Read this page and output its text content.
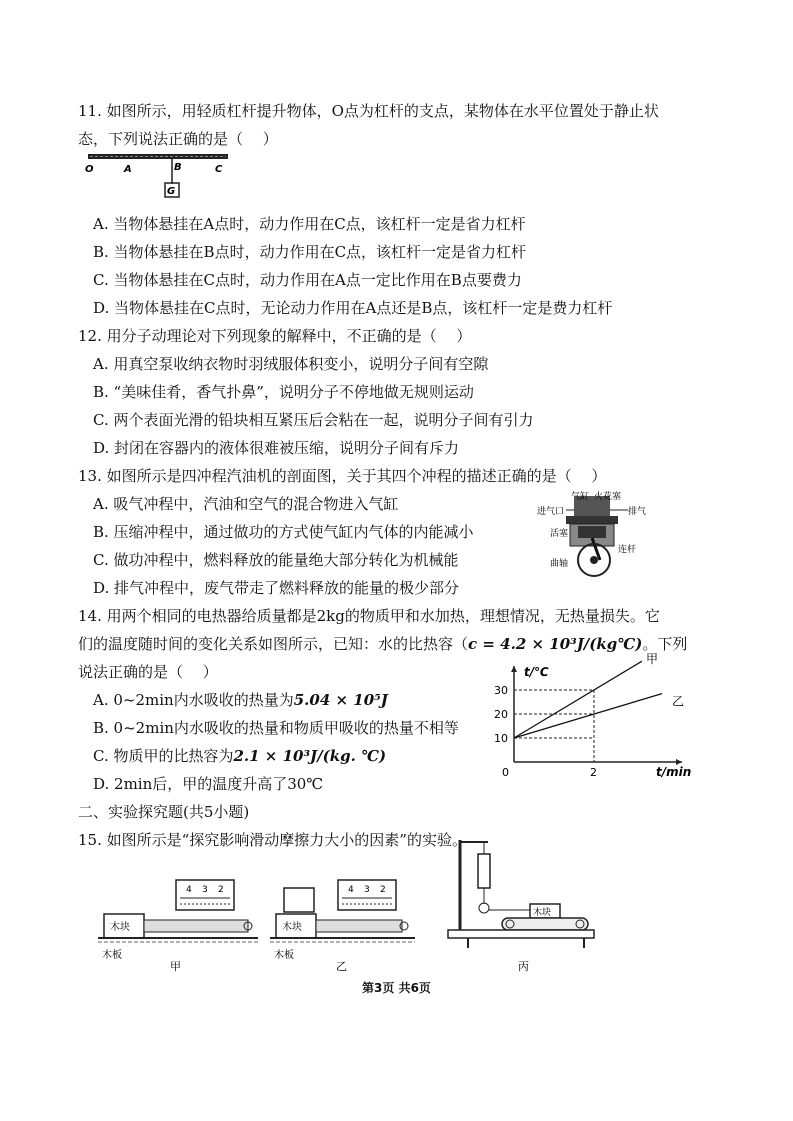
11. 如图所示，用轻质杠杆提升物体，O点为杠杆的支点，某物体在水平位置处于静止状
态，下列说法正确的是（　 ）
G
O	A	B	C
A. 当物体悬挂在A点时，动力作用在C点，该杠杆一定是省力杠杆
B. 当物体悬挂在B点时，动力作用在C点，该杠杆一定是省力杠杆
C. 当物体悬挂在C点时，动力作用在A点一定比作用在B点要费力
D. 当物体悬挂在C点时，无论动力作用在A点还是B点，该杠杆一定是费力杠杆
12. 用分子动理论对下列现象的解释中，不正确的是（　 ）
A. 用真空泵收纳衣物时羽绒服体积变小，说明分子间有空隙
B. “美味佳肴，香气扑鼻”，说明分子不停地做无规则运动
C. 两个表面光滑的铅块相互紧压后会粘在一起，说明分子间有引力
D. 封闭在容器内的液体很难被压缩，说明分子间有斥力
13. 如图所示是四冲程汽油机的剖面图，关于其四个冲程的描述正确的是（　 ）
A. 吸气冲程中，汽油和空气的混合物进入气缸
B. 压缩冲程中，通过做功的方式使气缸内气体的内能减小
C. 做功冲程中，燃料释放的能量绝大部分转化为机械能
D. 排气冲程中，废气带走了燃料释放的能量的极少部分
气缸 火花塞
进气口	排气
活塞
连杆
曲轴
14. 用两个相同的电热器给质量都是2kg的物质甲和水加热，理想情况，无热量损失。它
们的温度随时间的变化关系如图所示，已知：水的比热容（c = 4.2 × 10³J/(kg℃)。下列
说法正确的是（　 ）
A. 0~2min内水吸收的热量为5.04 × 10⁵J
B. 0~2min内水吸收的热量和物质甲吸收的热量不相等
C. 物质甲的比热容为2.1 × 10³J/(kg. ℃)
D. 2min后，甲的温度升高了30℃
t/℃
t/min
10
20
30
0	2
甲
乙
二、实验探究题(共5小题)
15. 如图所示是“探究影响滑动摩擦力大小的因素”的实验。
4 3 2
木块
木板
甲
4 3 2
木块
木板
乙
木块
丙
第3页 共6页
